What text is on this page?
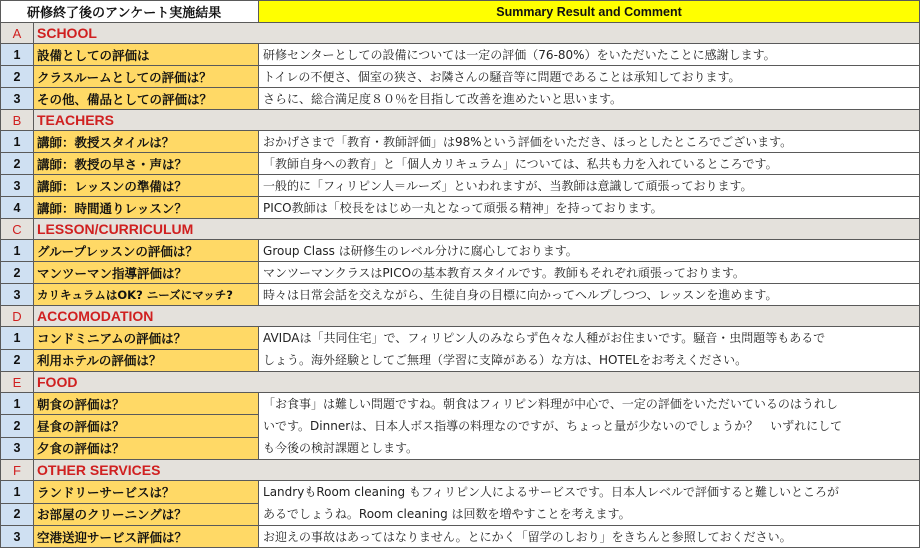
研修終了後のアンケート実施結果		Summary Result and Comment
A	SCHOOL	
1	設備としての評価は	研修センターとしての設備については一定の評価（76-80%）をいただいたことに感謝します。
2	クラスルームとしての評価は？	トイレの不便さ、個室の狭さ、お隣さんの騒音等に問題であることは承知しております。
3	その他、備品としての評価は？	さらに、総合満足度８０％を目指して改善を進めたいと思います。
B	TEACHERS	
1	講師：教授スタイルは？	おかげさまで「教育・教師評価」は98%という評価をいただき、ほっとしたところでございます。
2	講師：教授の早さ・声は？	「教師自身への教育」と「個人カリキュラム」については、私共も力を入れているところです。
3	講師：レッスンの準備は？	一般的に「フィリピン人＝ルーズ」といわれますが、当教師は意識して頑張っております。
4	講師：時間通りレッスン？	PICO教師は「校長をはじめ一丸となって頑張る精神」を持っております。
C	LESSON/CURRICULUM	
1	グループレッスンの評価は？	Group Class は研修生のレベル分けに腐心しております。
2	マンツーマン指導評価は？	マンツーマンクラスはPICOの基本教育スタイルです。教師もそれぞれ頑張っております。
3	カリキュラムはOK? ニーズにマッチ?	時々は日常会話を交えながら、生徒自身の目標に向かってヘルプしつつ、レッスンを進めます。
D	ACCOMODATION	
1	コンドミニアムの評価は？	AVIDAは「共同住宅」で、フィリピン人のみならず色々な人種がお住まいです。騒音・虫問題等もあるで
しょう。海外経験としてご無理（学習に支障がある）な方は、HOTELをお考えください。

2	利用ホテルの評価は？	
E	FOOD	
1	朝食の評価は？	「お食事」は難しい問題ですね。朝食はフィリピン料理が中心で、一定の評価をいただいているのはうれし
いです。Dinnerは、日本人ボス指導の料理なのですが、ちょっと量が少ないのでしょうか？　いずれにして
も今後の検討課題とします。

2	昼食の評価は？	
3	夕食の評価は？	
F	OTHER SERVICES	
1	ランドリーサービスは？	LandryもRoom cleaning もフィリピン人によるサービスです。日本人レベルで評価すると難しいところが
あるでしょうね。Room cleaning は回数を増やすことを考えます。

2	お部屋のクリーニングは？	
3	空港送迎サービス評価は？	お迎えの事故はあってはなりません。とにかく「留学のしおり」をきちんと参照しておください。
